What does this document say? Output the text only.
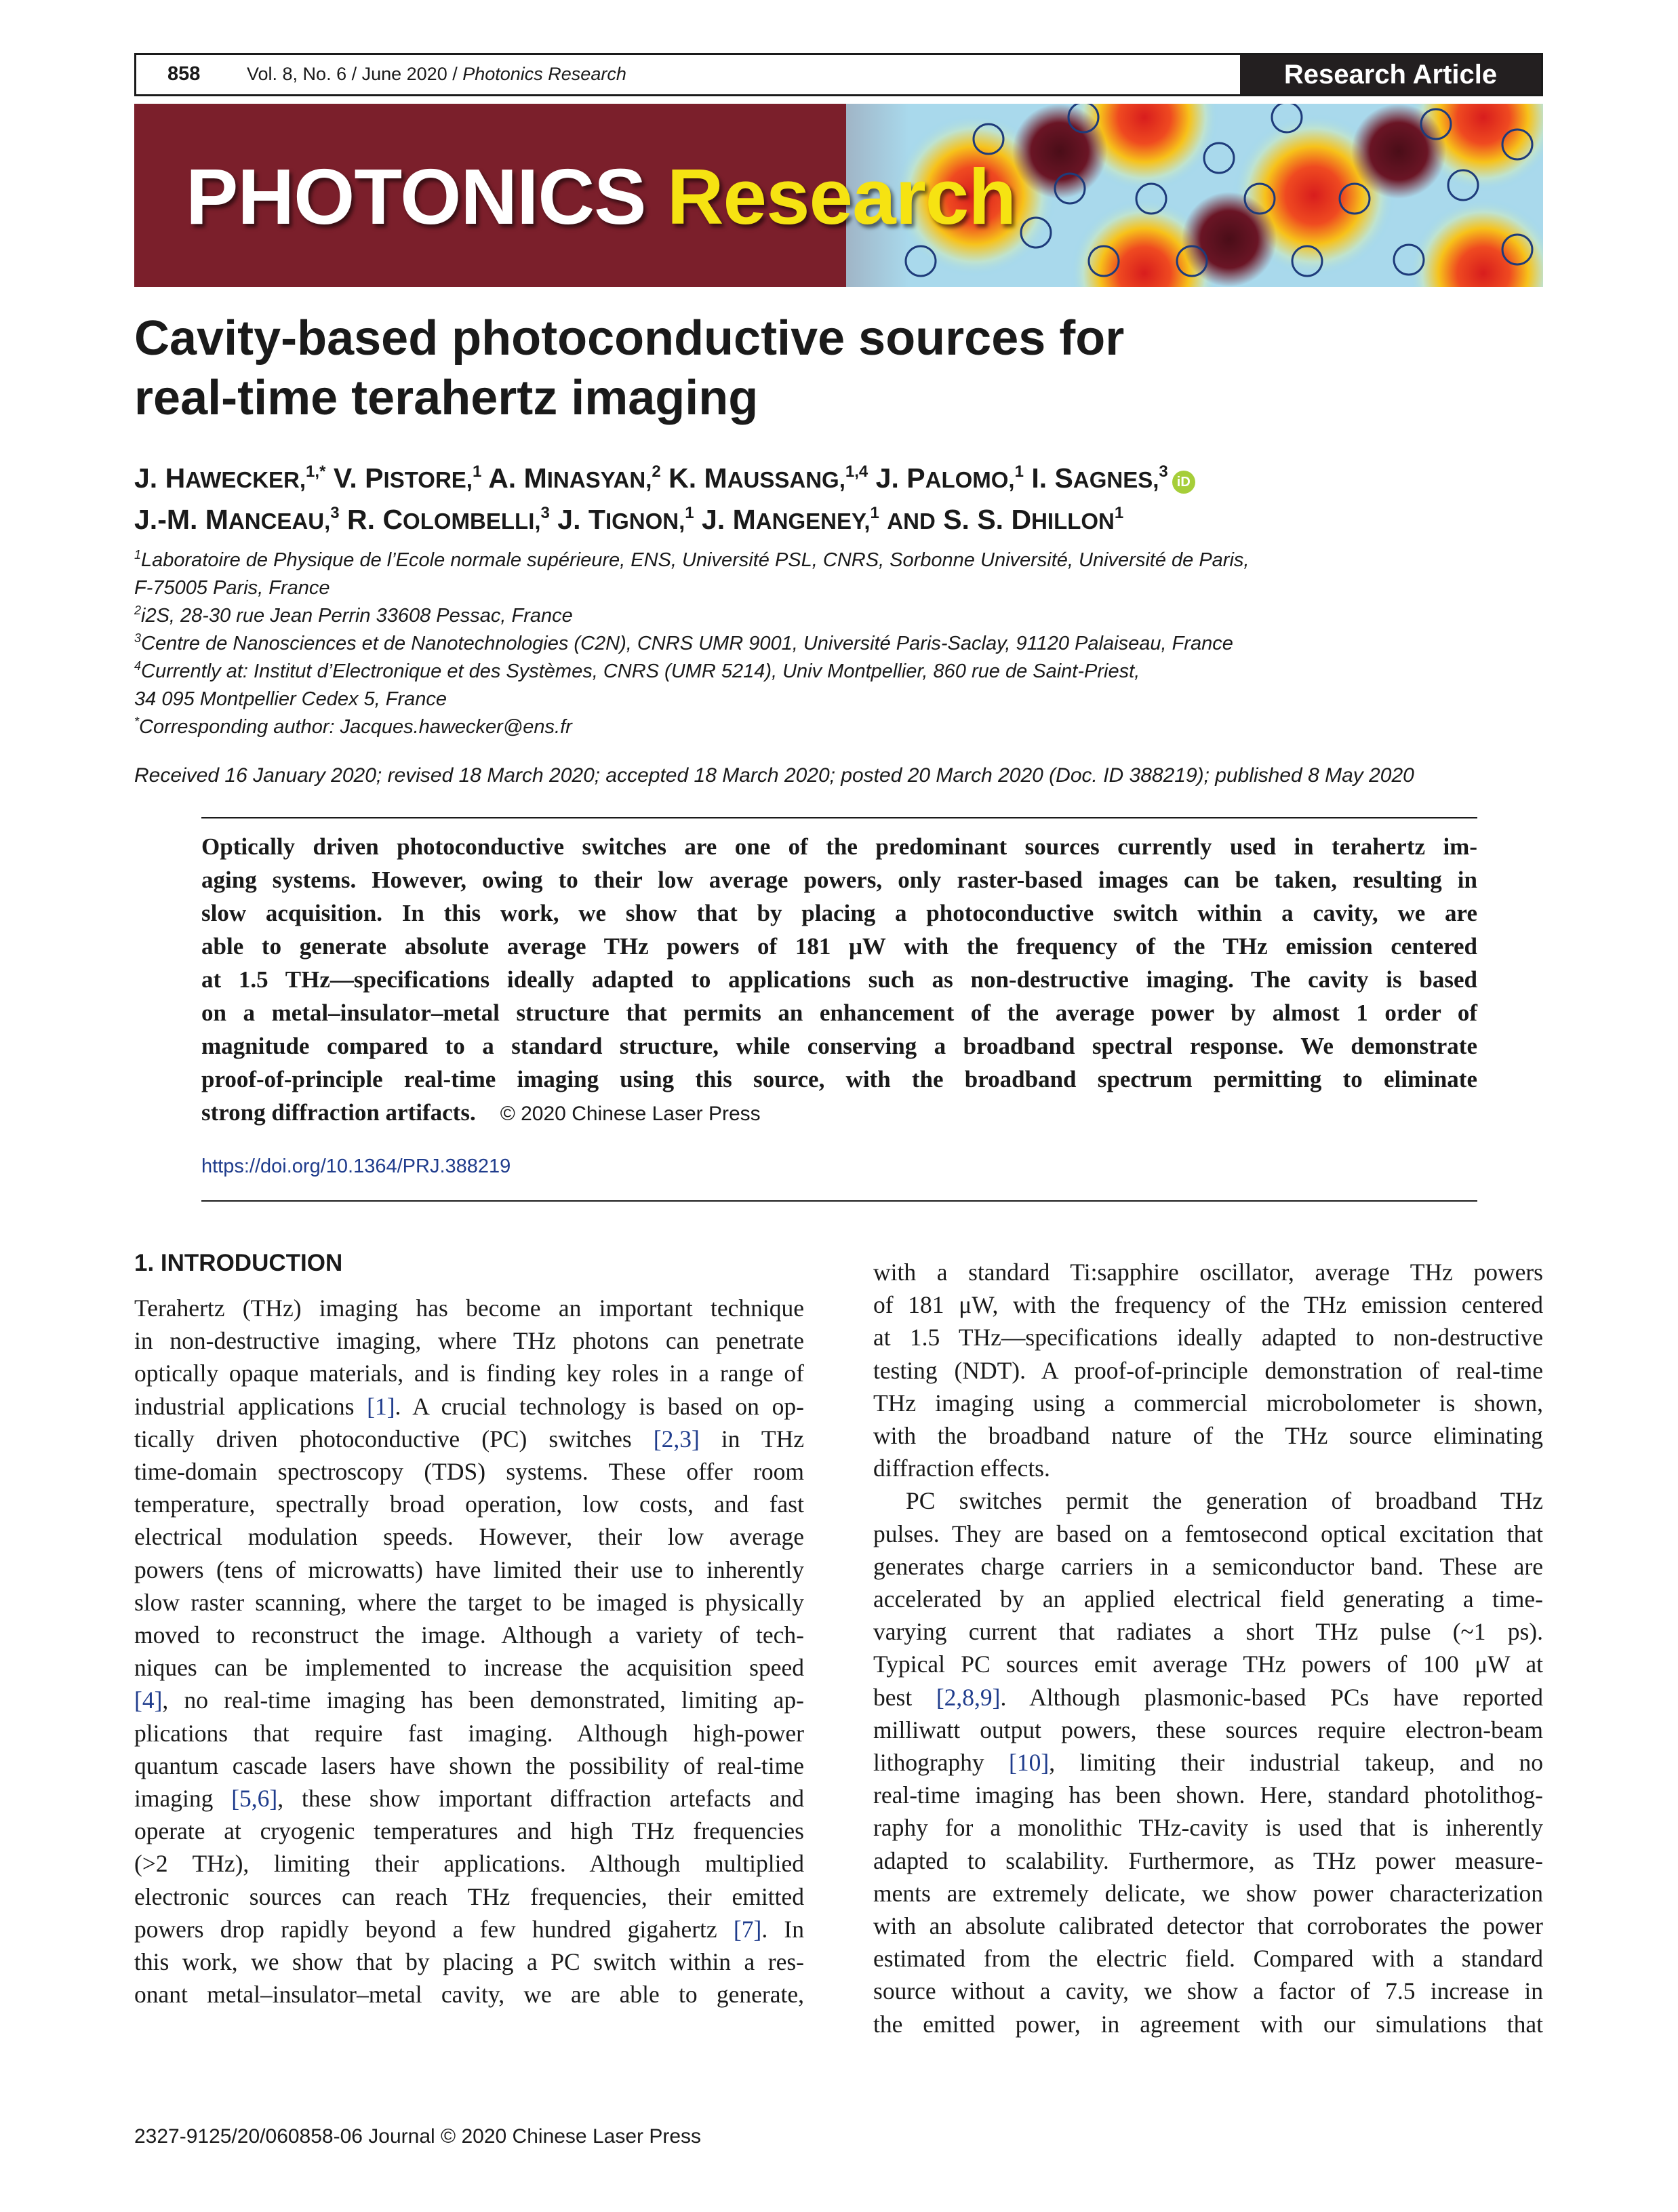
858	Vol. 8, No. 6 / June 2020 / Photonics Research	Research Article
PHOTONICS Research
Cavity-based photoconductive sources for
real-time terahertz imaging
J. HAWECKER,$^{1,*}$ V. PISTORE,$^1$ A. MINASYAN,$^2$ K. MAUSSANG,$^{1,4}$ J. PALOMO,$^1$ I. SAGNES,$^3$iD
J.-M. MANCEAU,$^3$ R. COLOMBELLI,$^3$ J. TIGNON,$^1$ J. MANGENEY,$^1$ AND S. S. DHILLON$^1$
$^1$Laboratoire de Physique de l’Ecole normale supérieure, ENS, Université PSL, CNRS, Sorbonne Université, Université de Paris,
F-75005 Paris, France
$^2$i2S, 28-30 rue Jean Perrin 33608 Pessac, France
$^3$Centre de Nanosciences et de Nanotechnologies (C2N), CNRS UMR 9001, Université Paris-Saclay, 91120 Palaiseau, France
$^4$Currently at: Institut d’Electronique et des Systèmes, CNRS (UMR 5214), Univ Montpellier, 860 rue de Saint-Priest,
34 095 Montpellier Cedex 5, France
*Corresponding author: Jacques.hawecker@ens.fr
Received 16 January 2020; revised 18 March 2020; accepted 18 March 2020; posted 20 March 2020 (Doc. ID 388219); published 8 May 2020
Optically driven photoconductive switches are one of the predominant sources currently used in terahertz im-
aging systems. However, owing to their low average powers, only raster-based images can be taken, resulting in
slow acquisition. In this work, we show that by placing a photoconductive switch within a cavity, we are
able to generate absolute average THz powers of 181 μW with the frequency of the THz emission centered
at 1.5 THz—specifications ideally adapted to applications such as non-destructive imaging. The cavity is based
on a metal–insulator–metal structure that permits an enhancement of the average power by almost 1 order of
magnitude compared to a standard structure, while conserving a broadband spectral response. We demonstrate
proof-of-principle real-time imaging using this source, with the broadband spectrum permitting to eliminate
strong diffraction artifacts. © 2020 Chinese Laser Press
https://doi.org/10.1364/PRJ.388219
1. INTRODUCTION
Terahertz (THz) imaging has become an important technique
in non-destructive imaging, where THz photons can penetrate
optically opaque materials, and is finding key roles in a range of
industrial applications [1]. A crucial technology is based on op-
tically driven photoconductive (PC) switches [2,3] in THz
time-domain spectroscopy (TDS) systems. These offer room
temperature, spectrally broad operation, low costs, and fast
electrical modulation speeds. However, their low average
powers (tens of microwatts) have limited their use to inherently
slow raster scanning, where the target to be imaged is physically
moved to reconstruct the image. Although a variety of tech-
niques can be implemented to increase the acquisition speed
[4], no real-time imaging has been demonstrated, limiting ap-
plications that require fast imaging. Although high-power
quantum cascade lasers have shown the possibility of real-time
imaging [5,6], these show important diffraction artefacts and
operate at cryogenic temperatures and high THz frequencies
(>2 THz), limiting their applications. Although multiplied
electronic sources can reach THz frequencies, their emitted
powers drop rapidly beyond a few hundred gigahertz [7]. In
this work, we show that by placing a PC switch within a res-
onant metal–insulator–metal cavity, we are able to generate,
with a standard Ti:sapphire oscillator, average THz powers
of 181 μW, with the frequency of the THz emission centered
at 1.5 THz—specifications ideally adapted to non-destructive
testing (NDT). A proof-of-principle demonstration of real-time
THz imaging using a commercial microbolometer is shown,
with the broadband nature of the THz source eliminating
diffraction effects.
PC switches permit the generation of broadband THz
pulses. They are based on a femtosecond optical excitation that
generates charge carriers in a semiconductor band. These are
accelerated by an applied electrical field generating a time-
varying current that radiates a short THz pulse (~1 ps).
Typical PC sources emit average THz powers of 100 μW at
best [2,8,9]. Although plasmonic-based PCs have reported
milliwatt output powers, these sources require electron-beam
lithography [10], limiting their industrial takeup, and no
real-time imaging has been shown. Here, standard photolithog-
raphy for a monolithic THz-cavity is used that is inherently
adapted to scalability. Furthermore, as THz power measure-
ments are extremely delicate, we show power characterization
with an absolute calibrated detector that corroborates the power
estimated from the electric field. Compared with a standard
source without a cavity, we show a factor of 7.5 increase in
the emitted power, in agreement with our simulations that
2327-9125/20/060858-06 Journal © 2020 Chinese Laser Press
